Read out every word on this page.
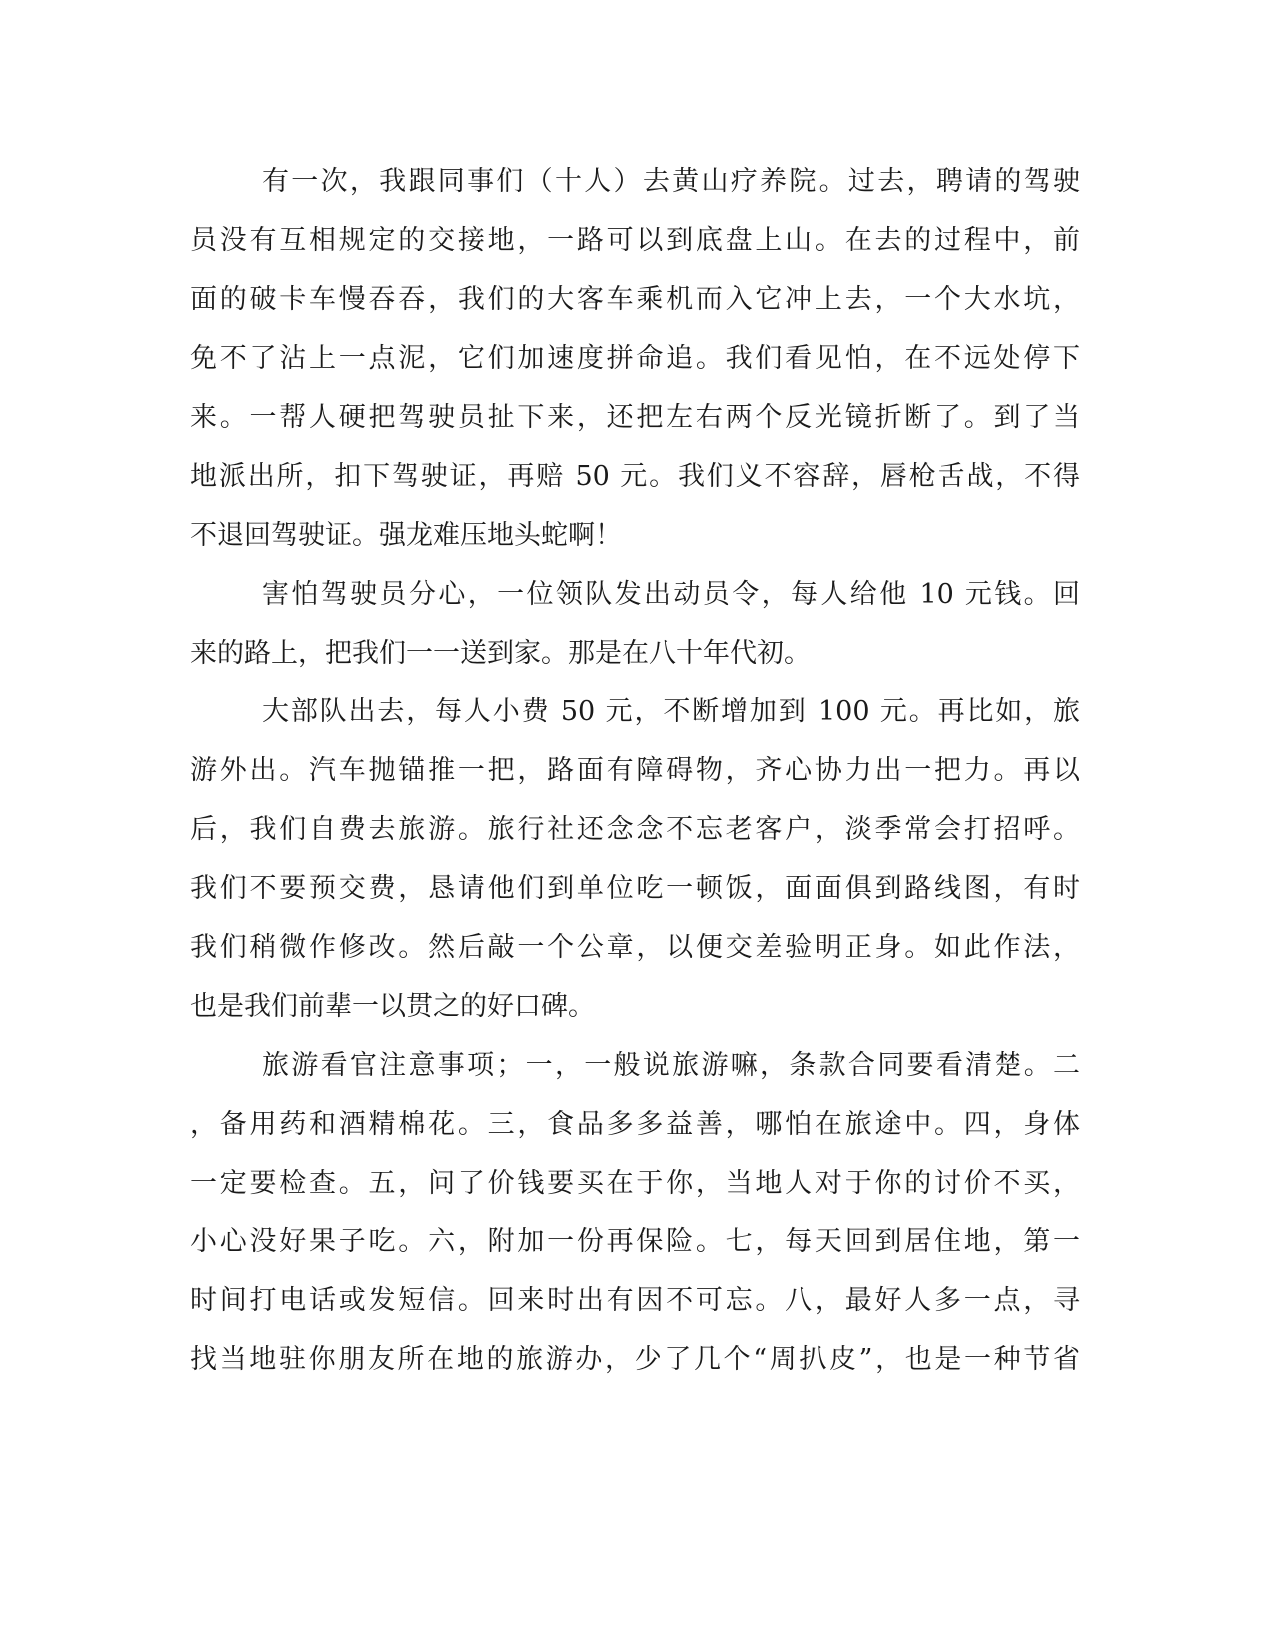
有一次，我跟同事们（十人）去黄山疗养院。过去，聘请的驾驶
员没有互相规定的交接地，一路可以到底盘上山。在去的过程中，前
面的破卡车慢吞吞，我们的大客车乘机而入它冲上去，一个大水坑，
免不了沾上一点泥，它们加速度拼命追。我们看见怕，在不远处停下
来。一帮人硬把驾驶员扯下来，还把左右两个反光镜折断了。到了当
地派出所，扣下驾驶证，再赔 50 元。我们义不容辞，唇枪舌战，不得
不退回驾驶证。强龙难压地头蛇啊！
害怕驾驶员分心，一位领队发出动员令，每人给他 10 元钱。回
来的路上，把我们一一送到家。那是在八十年代初。
大部队出去，每人小费 50 元，不断增加到 100 元。再比如，旅
游外出。汽车抛锚推一把，路面有障碍物，齐心协力出一把力。再以
后，我们自费去旅游。旅行社还念念不忘老客户，淡季常会打招呼。
我们不要预交费，恳请他们到单位吃一顿饭，面面俱到路线图，有时
我们稍微作修改。然后敲一个公章，以便交差验明正身。如此作法，
也是我们前辈一以贯之的好口碑。
旅游看官注意事项；一，一般说旅游嘛，条款合同要看清楚。二
，备用药和酒精棉花。三，食品多多益善，哪怕在旅途中。四，身体
一定要检查。五，问了价钱要买在于你，当地人对于你的讨价不买，
小心没好果子吃。六，附加一份再保险。七，每天回到居住地，第一
时间打电话或发短信。回来时出有因不可忘。八，最好人多一点，寻
找当地驻你朋友所在地的旅游办，少了几个“周扒皮”，也是一种节省
